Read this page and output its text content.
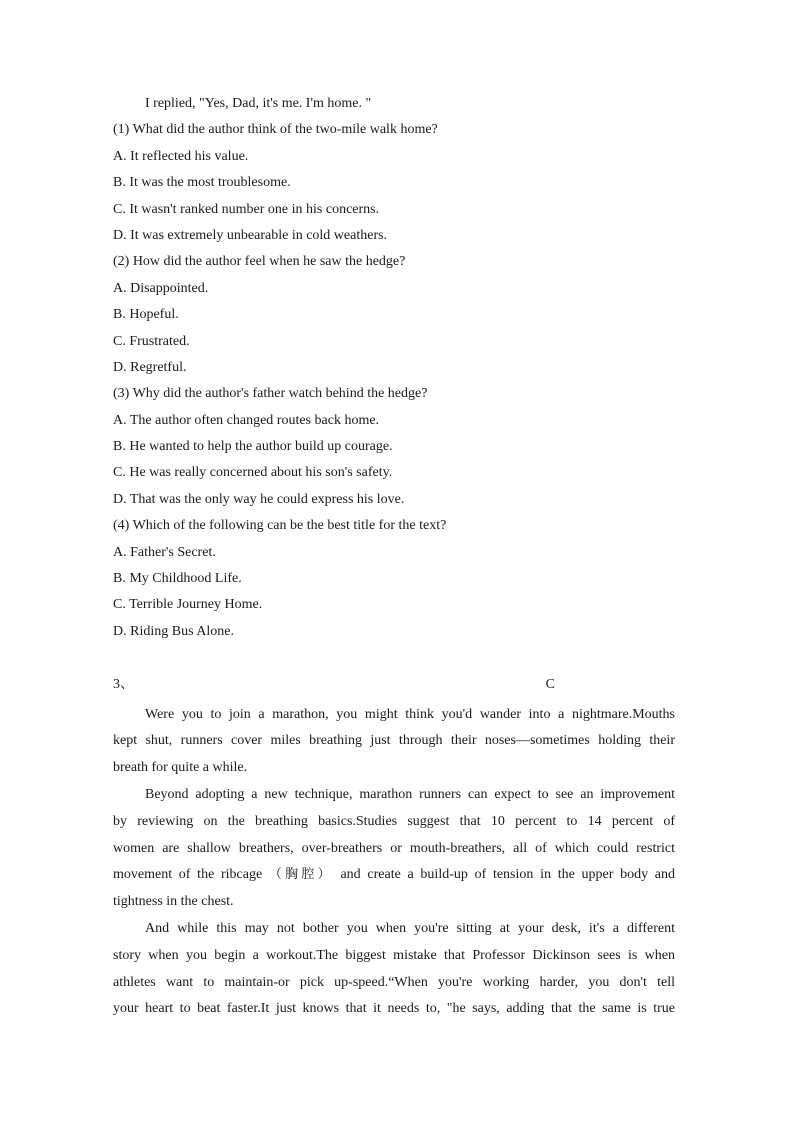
I replied, "Yes, Dad, it's me. I'm home. "
(1) What did the author think of the two-mile walk home?
A. It reflected his value.
B. It was the most troublesome.
C. It wasn't ranked number one in his concerns.
D. It was extremely unbearable in cold weathers.
(2) How did the author feel when he saw the hedge?
A. Disappointed.
B. Hopeful.
C. Frustrated.
D. Regretful.
(3) Why did the author's father watch behind the hedge?
A. The author often changed routes back home.
B. He wanted to help the author build up courage.
C. He was really concerned about his son's safety.
D. That was the only way he could express his love.
(4) Which of the following can be the best title for the text?
A. Father's Secret.
B. My Childhood Life.
C. Terrible Journey Home.
D. Riding Bus Alone.
3、	C
Were you to join a marathon, you might think you'd wander into a nightmare.Mouths
kept shut, runners cover miles breathing just through their noses—sometimes holding their
breath for quite a while.
Beyond adopting a new technique, marathon runners can expect to see an improvement
by reviewing on the breathing basics.Studies suggest that 10 percent to 14 percent of
women are shallow breathers, over-breathers or mouth-breathers, all of which could restrict
movement of the ribcage （胸腔） and create a build-up of tension in the upper body and
tightness in the chest.
And while this may not bother you when you're sitting at your desk, it's a different
story when you begin a workout.The biggest mistake that Professor Dickinson sees is when
athletes want to maintain-or pick up-speed.“When you're working harder, you don't tell
your heart to beat faster.It just knows that it needs to, "he says, adding that the same is true
